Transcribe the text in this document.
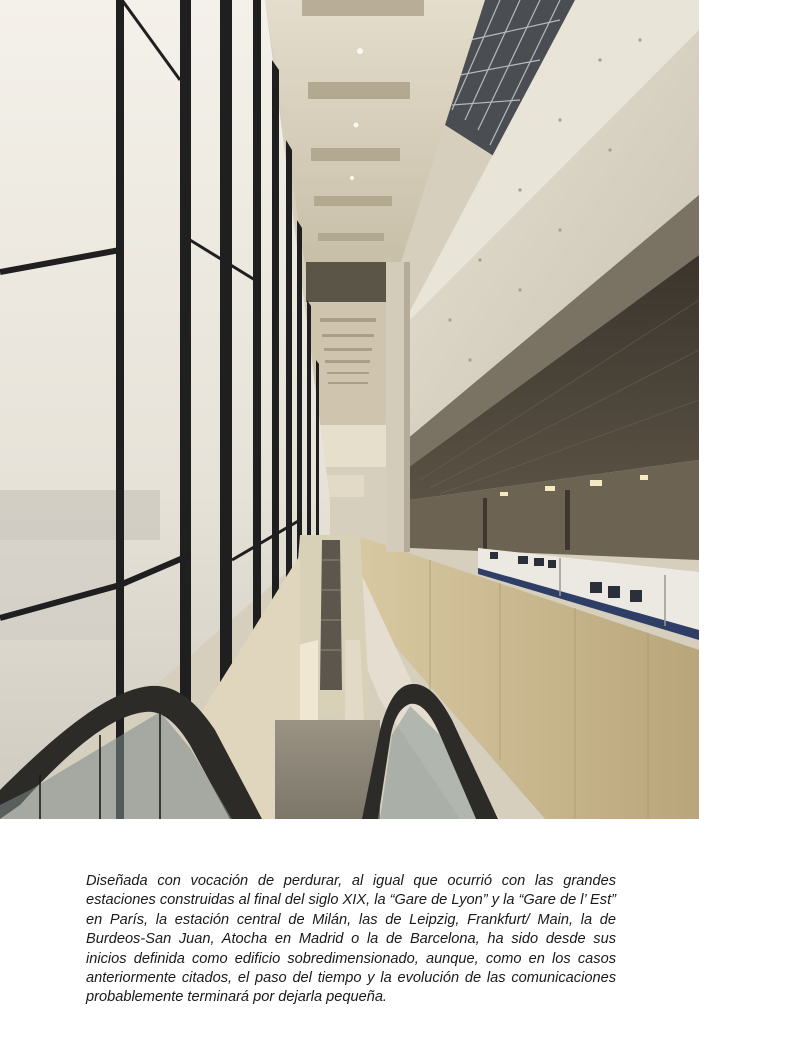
Diseñada con vocación de perdurar, al igual que ocurrió con las grandes estaciones construidas al final del siglo XIX, la “Gare de Lyon” y la “Gare de l’ Est” en París, la estación central de Milán, las de Leipzig, Frankfurt/ Main, la de Burdeos-San Juan, Atocha en Madrid o la de Barcelona, ha sido desde sus inicios definida como edificio sobredimensionado, aunque, como en los casos anteriormente citados, el paso del tiempo y la evolución de las comunicaciones probablemente terminará por dejarla pequeña.
